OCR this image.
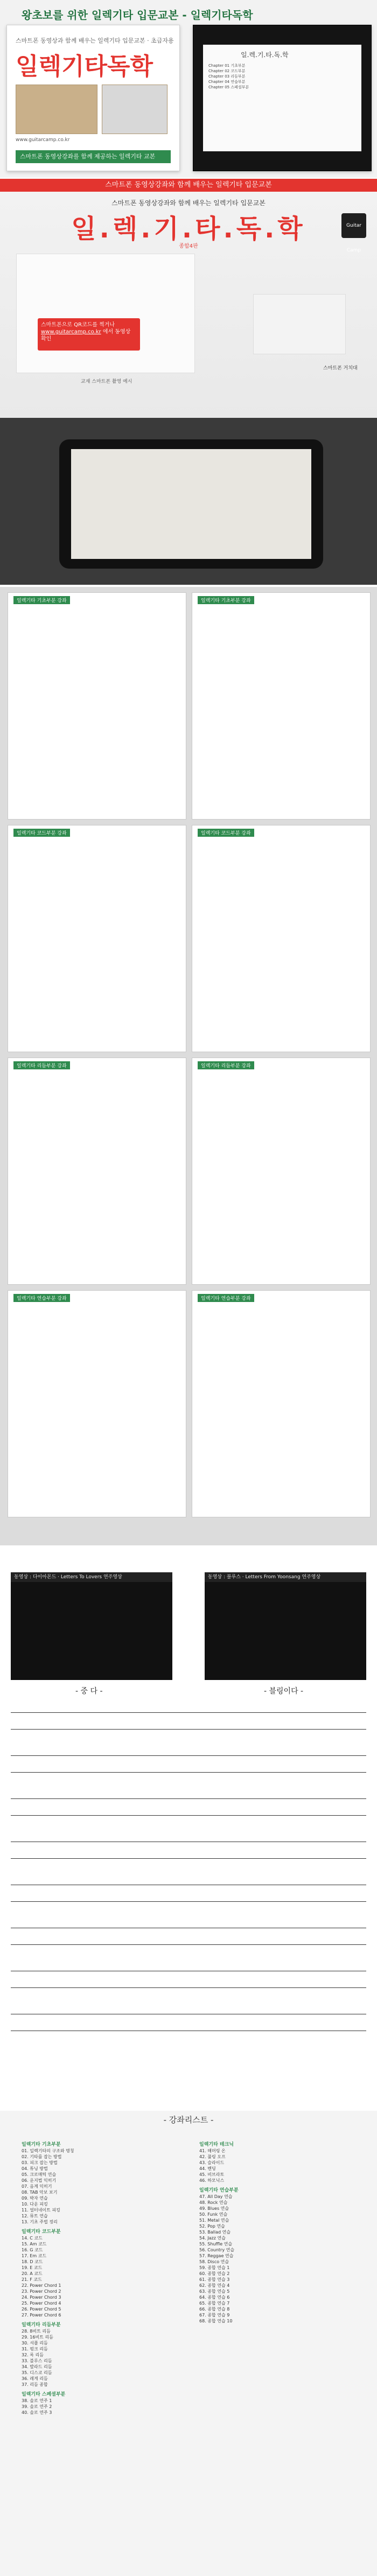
왕초보를 위한 일렉기타 입문교본 - 일렉기타독학
스마트폰 동영상과 함께 배우는 일렉기타 입문교본 · 초급자용
일렉기타독학
www.guitarcamp.co.kr
스마트폰 동영상강좌를 함께 제공하는 일렉기타 교본
일.렉.기.타.독.학
Chapter 01 기초부분
Chapter 02 코드부분
Chapter 03 리듬부분
Chapter 04 연습부분
Chapter 05 스페셜부분
스마트폰 동영상강좌와 함께 배우는 일렉기타 입문교본
스마트폰 동영상강좌와 함께 배우는 일렉기타 입문교본
일.렉.기.타.독.학
종합4판
Guitar Camp
스마트폰으로 QR코드를 찍거나 www.guitarcamp.co.kr 에서 동영상 확인
교재 스마트폰 촬영 예시
스마트폰 거치대
일렉기타 기초부분 강좌	일렉기타 기초부분 강좌
일렉기타 코드부분 강좌	일렉기타 코드부분 강좌
일렉기타 리듬부분 강좌	일렉기타 리듬부분 강좌
일렉기타 연습부분 강좌	일렉기타 연습부분 강좌
동영상 : 다이아몬드 · Letters To Lovers 연주영상	동영상 : 블루스 · Letters From Yoonsang 연주영상
- 중 다 -	- 블링이다 -
- 강좌리스트 -
일렉기타 기초부분
01. 일렉기타의 구조와 명칭
02. 기타를 잡는 방법
03. 피크 잡는 방법
04. 튜닝 방법
05. 크로매틱 연습
06. 운지법 익히기
07. 음계 익히기
08. TAB 악보 보기
09. 박자 연습
10. 다운 피킹
11. 얼터네이트 피킹
12. 뮤트 연습
13. 기초 주법 정리
일렉기타 코드부분
14. C 코드
15. Am 코드
16. G 코드
17. Em 코드
18. D 코드
19. E 코드
20. A 코드
21. F 코드
22. Power Chord 1
23. Power Chord 2
24. Power Chord 3
25. Power Chord 4
26. Power Chord 5
27. Power Chord 6
일렉기타 리듬부분
28. 8비트 리듬
29. 16비트 리듬
30. 셔플 리듬
31. 펑크 리듬
32. 록 리듬
33. 블루스 리듬
34. 발라드 리듬
35. 디스코 리듬
36. 레게 리듬
37. 리듬 종합
일렉기타 스페셜부분
38. 솔로 연주 1
39. 솔로 연주 2
40. 솔로 연주 3
일렉기타 테크닉
41. 해머링 온
42. 풀링 오프
43. 슬라이드
44. 벤딩
45. 비브라토
46. 하모닉스
일렉기타 연습부분
47. All Day 연습
48. Rock 연습
49. Blues 연습
50. Funk 연습
51. Metal 연습
52. Pop 연습
53. Ballad 연습
54. Jazz 연습
55. Shuffle 연습
56. Country 연습
57. Reggae 연습
58. Disco 연습
59. 종합 연습 1
60. 종합 연습 2
61. 종합 연습 3
62. 종합 연습 4
63. 종합 연습 5
64. 종합 연습 6
65. 종합 연습 7
66. 종합 연습 8
67. 종합 연습 9
68. 종합 연습 10
